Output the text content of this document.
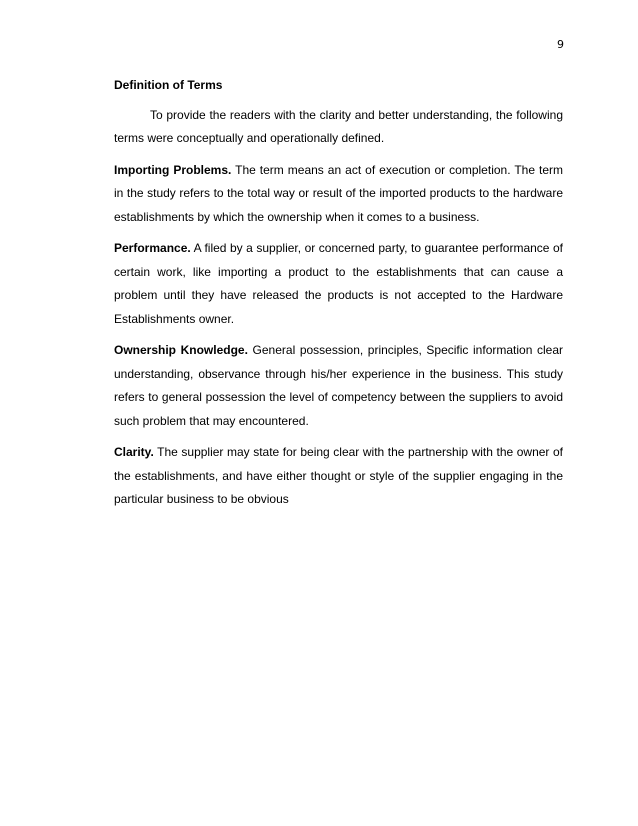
9
Definition of Terms

To provide the readers with the clarity and better understanding, the following terms were conceptually and operationally defined.

Importing Problems. The term means an act of execution or completion. The term in the study refers to the total way or result of the imported products to the hardware establishments by which the ownership when it comes to a business.

Performance. A filed by a supplier, or concerned party, to guarantee performance of certain work, like importing a product to the establishments that can cause a problem until they have released the products is not accepted to the Hardware Establishments owner.

Ownership Knowledge. General possession, principles, Specific information clear understanding, observance through his/her experience in the business. This study refers to general possession the level of competency between the suppliers to avoid such problem that may encountered.

Clarity. The supplier may state for being clear with the partnership with the owner of the establishments, and have either thought or style of the supplier engaging in the particular business to be obvious
